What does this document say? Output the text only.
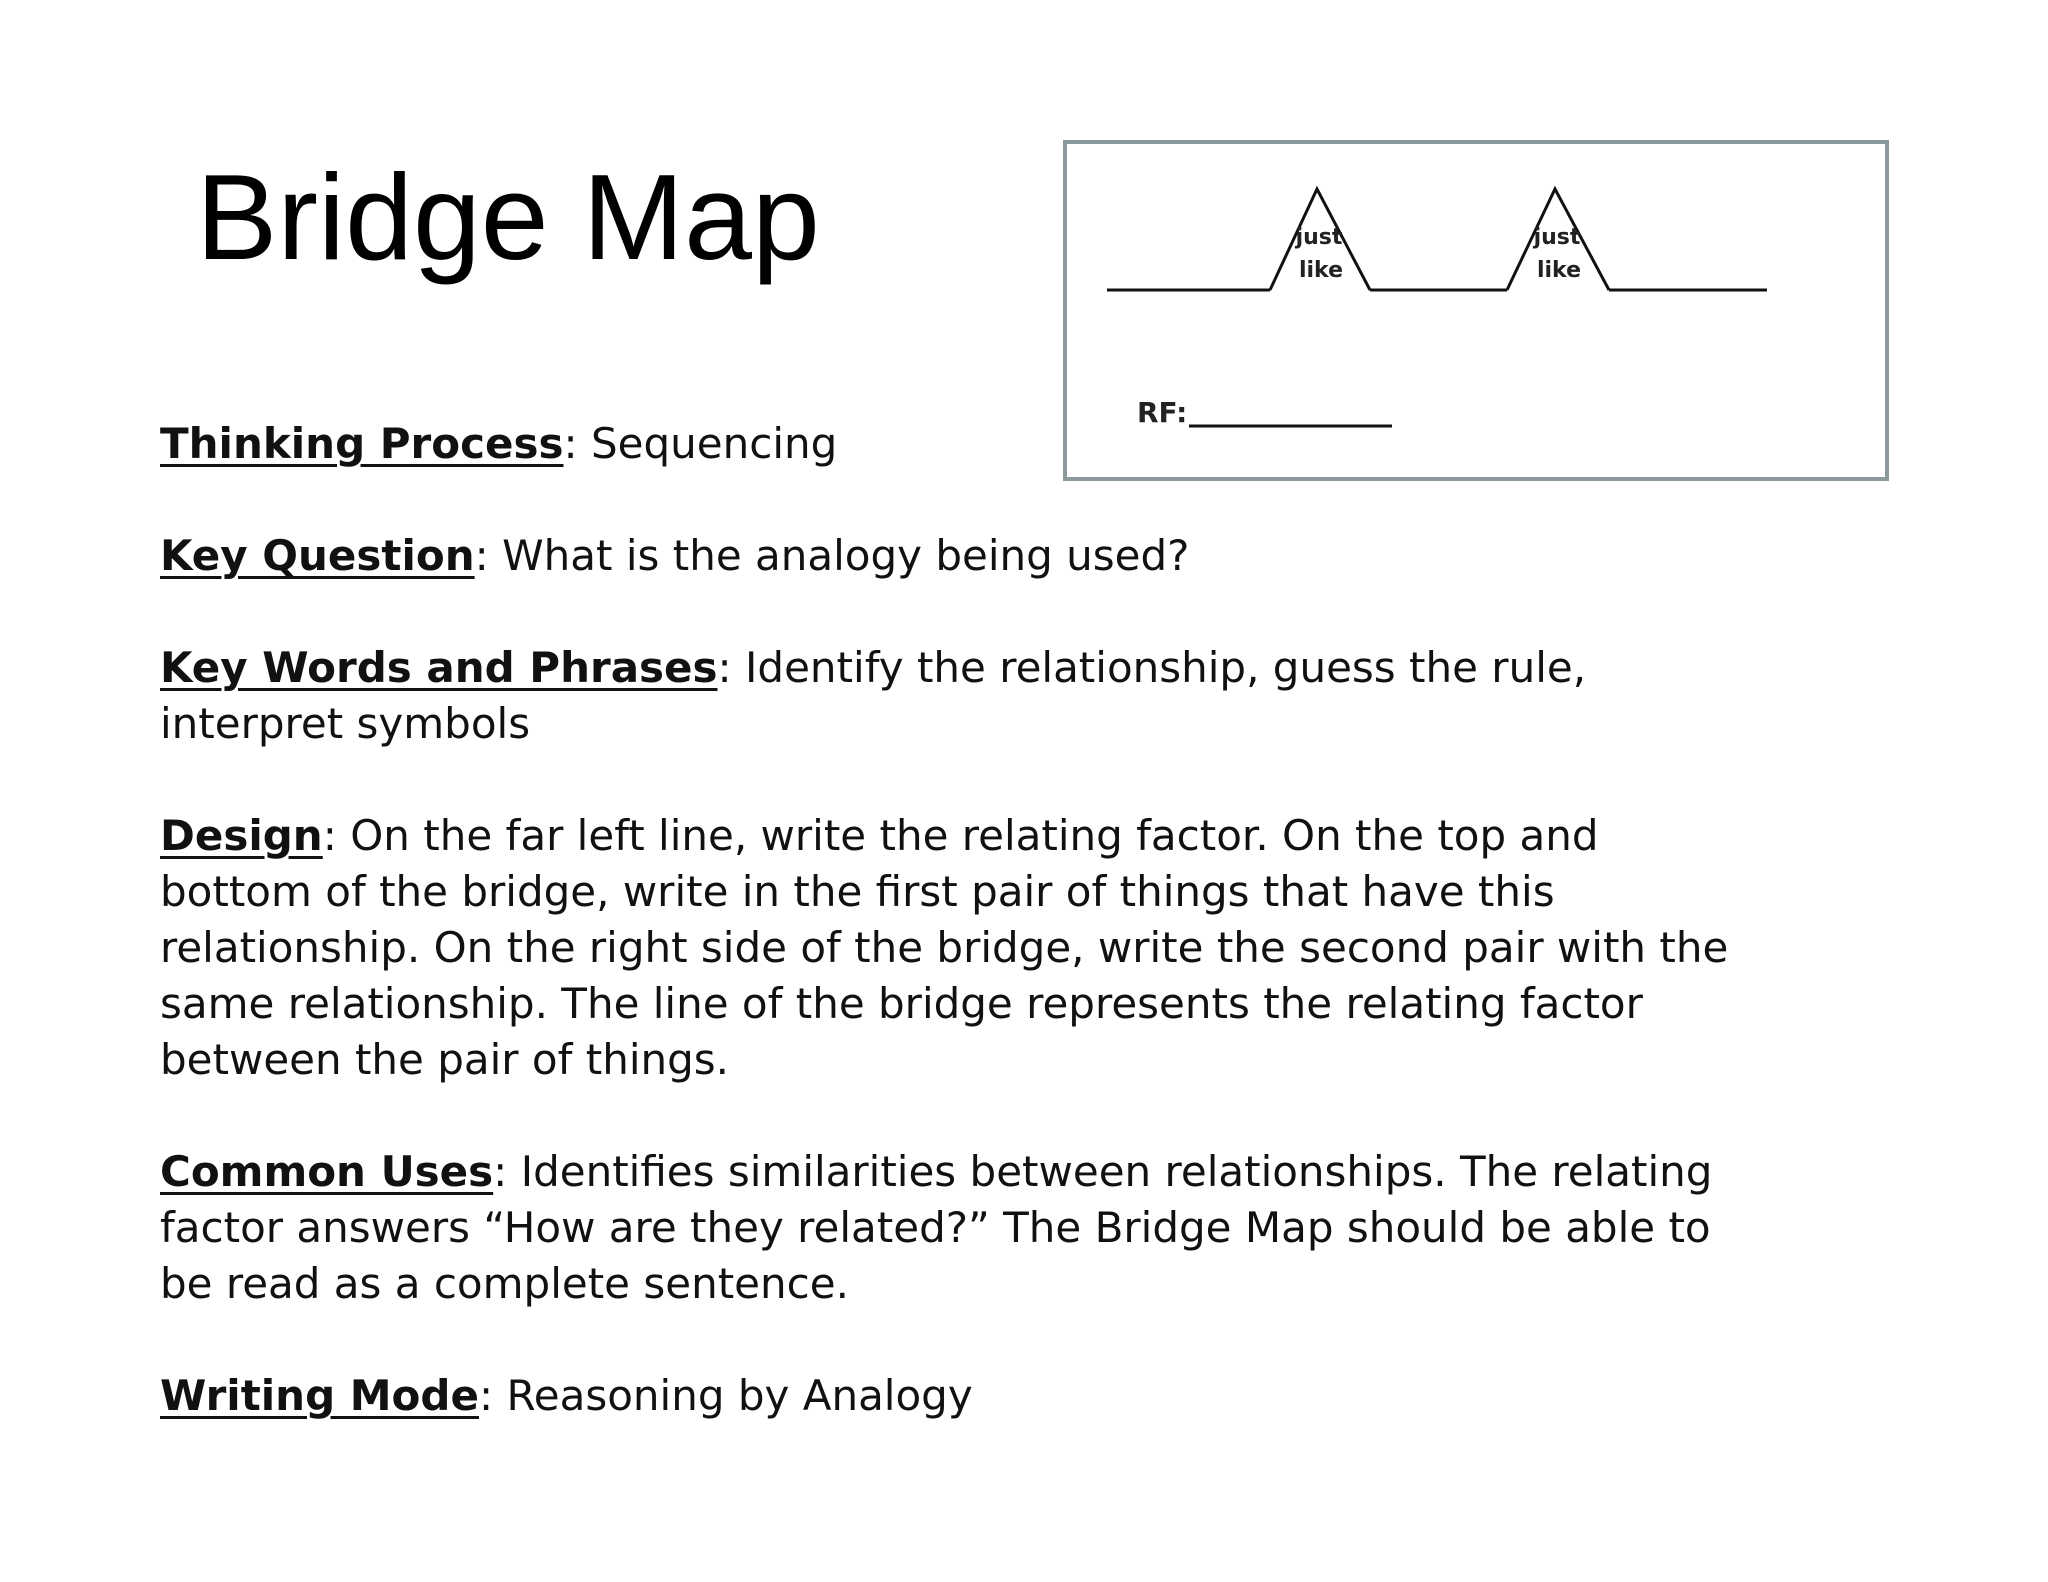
Bridge Map	just
like
just
like
RF:

Thinking Process: Sequencing

Key Question: What is the analogy being used?

Key Words and Phrases: Identify the relationship, guess the rule, interpret symbols

Design: On the far left line, write the relating factor. On the top and bottom of the bridge, write in the first pair of things that have this relationship. On the right side of the bridge, write the second pair with the same relationship. The line of the bridge represents the relating factor between the pair of things.

Common Uses: Identifies similarities between relationships. The relating factor answers “How are they related?” The Bridge Map should be able to be read as a complete sentence.

Writing Mode: Reasoning by Analogy
